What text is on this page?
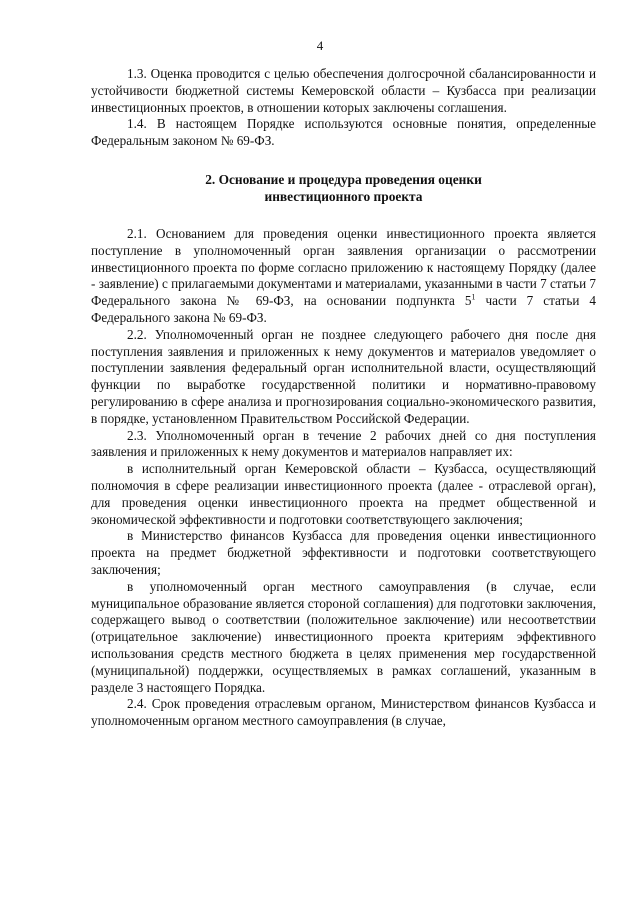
4

1.3. Оценка проводится с целью обеспечения долгосрочной сбалансированности и устойчивости бюджетной системы Кемеровской области – Кузбасса при реализации инвестиционных проектов, в отношении которых заключены соглашения.

1.4. В настоящем Порядке используются основные понятия, определенные Федеральным законом № 69-ФЗ.

2. Основание и процедура проведения оценки
инвестиционного проекта

2.1. Основанием для проведения оценки инвестиционного проекта является поступление в уполномоченный орган заявления организации о рассмотрении инвестиционного проекта по форме согласно приложению к настоящему Порядку (далее - заявление) с прилагаемыми документами и материалами, указанными в части 7 статьи 7 Федерального закона № 69-ФЗ, на основании подпункта $5^1$ части 7 статьи 4 Федерального закона № 69-ФЗ.

2.2. Уполномоченный орган не позднее следующего рабочего дня после дня поступления заявления и приложенных к нему документов и материалов уведомляет о поступлении заявления федеральный орган исполнительной власти, осуществляющий функции по выработке государственной политики и нормативно-правовому регулированию в сфере анализа и прогнозирования социально-экономического развития, в порядке, установленном Правительством Российской Федерации.

2.3. Уполномоченный орган в течение 2 рабочих дней со дня поступления заявления и приложенных к нему документов и материалов направляет их:

в исполнительный орган Кемеровской области – Кузбасса, осуществляющий полномочия в сфере реализации инвестиционного проекта (далее - отраслевой орган), для проведения оценки инвестиционного проекта на предмет общественной и экономической эффективности и подготовки соответствующего заключения;

в Министерство финансов Кузбасса для проведения оценки инвестиционного проекта на предмет бюджетной эффективности и подготовки соответствующего заключения;

в уполномоченный орган местного самоуправления (в случае, если муниципальное образование является стороной соглашения) для подготовки заключения, содержащего вывод о соответствии (положительное заключение) или несоответствии (отрицательное заключение) инвестиционного проекта критериям эффективного использования средств местного бюджета в целях применения мер государственной (муниципальной) поддержки, осуществляемых в рамках соглашений, указанным в разделе 3 настоящего Порядка.

2.4. Срок проведения отраслевым органом, Министерством финансов Кузбасса и уполномоченным органом местного самоуправления (в случае,
